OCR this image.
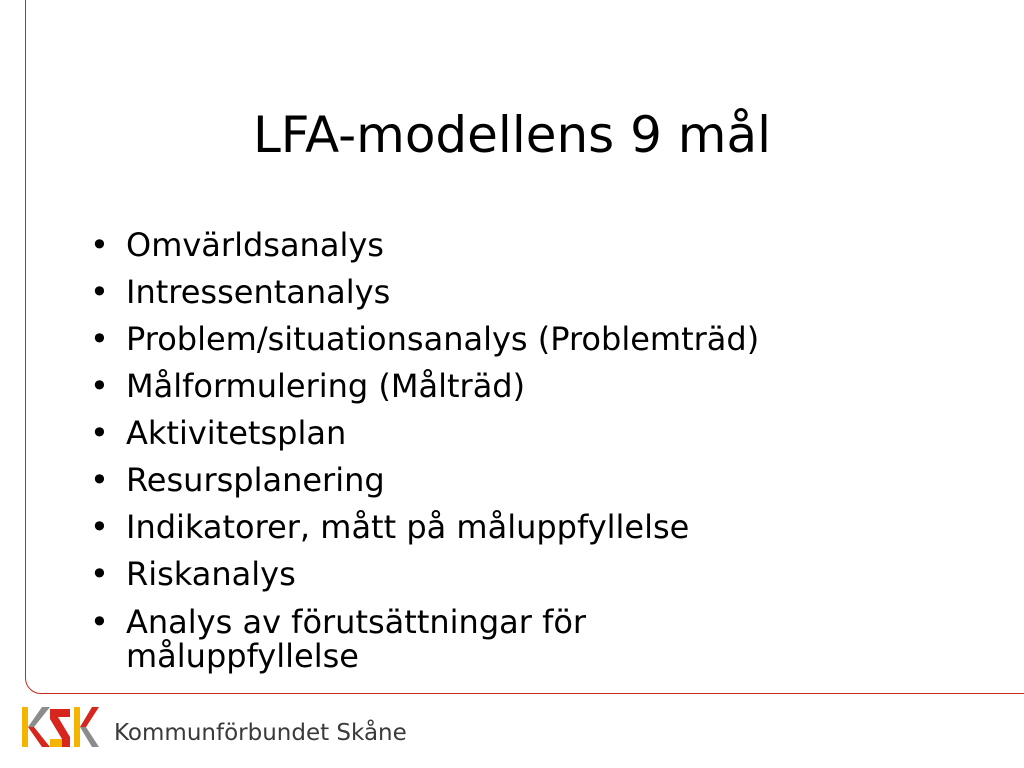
LFA-modellens 9 mål
• Omvärldsanalys
• Intressentanalys
• Problem/situationsanalys (Problemträd)
• Målformulering (Målträd)
• Aktivitetsplan
• Resursplanering
• Indikatorer, mått på måluppfyllelse
• Riskanalys
• Analys av förutsättningar för måluppfyllelse
Kommunförbundet Skåne
